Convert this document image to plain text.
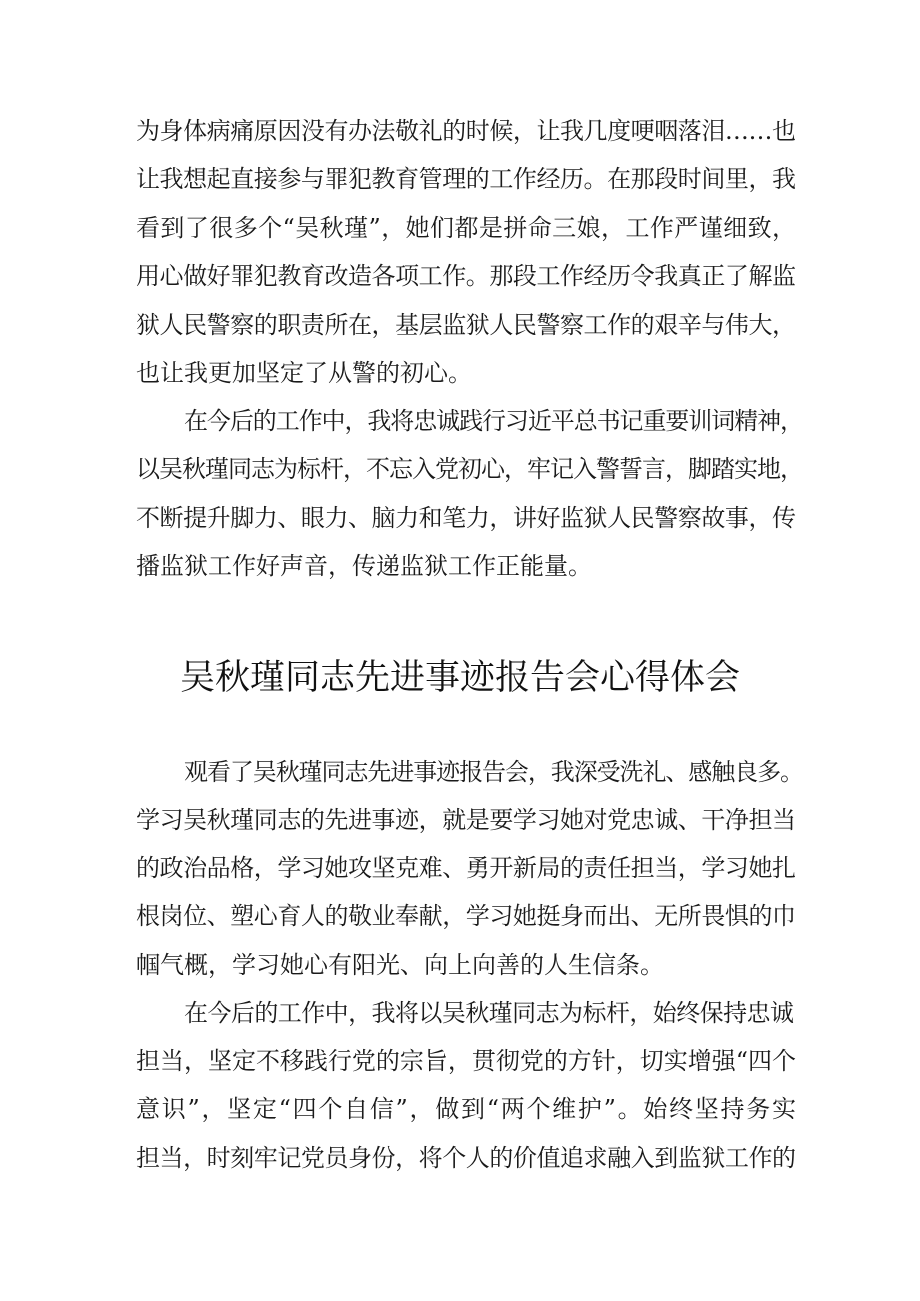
为身体病痛原因没有办法敬礼的时候，让我几度哽咽落泪……也
让我想起直接参与罪犯教育管理的工作经历。在那段时间里，我
看到了很多个“吴秋瑾”，她们都是拼命三娘，工作严谨细致，
用心做好罪犯教育改造各项工作。那段工作经历令我真正了解监
狱人民警察的职责所在，基层监狱人民警察工作的艰辛与伟大，
也让我更加坚定了从警的初心。
在今后的工作中，我将忠诚践行习近平总书记重要训词精神，
以吴秋瑾同志为标杆，不忘入党初心，牢记入警誓言，脚踏实地，
不断提升脚力、眼力、脑力和笔力，讲好监狱人民警察故事，传
播监狱工作好声音，传递监狱工作正能量。
吴秋瑾同志先进事迹报告会心得体会
观看了吴秋瑾同志先进事迹报告会，我深受洗礼、感触良多。
学习吴秋瑾同志的先进事迹，就是要学习她对党忠诚、干净担当
的政治品格，学习她攻坚克难、勇开新局的责任担当，学习她扎
根岗位、塑心育人的敬业奉献，学习她挺身而出、无所畏惧的巾
帼气概，学习她心有阳光、向上向善的人生信条。
在今后的工作中，我将以吴秋瑾同志为标杆，始终保持忠诚
担当，坚定不移践行党的宗旨，贯彻党的方针，切实增强“四个
意识”，坚定“四个自信”，做到“两个维护”。始终坚持务实
担当，时刻牢记党员身份，将个人的价值追求融入到监狱工作的
